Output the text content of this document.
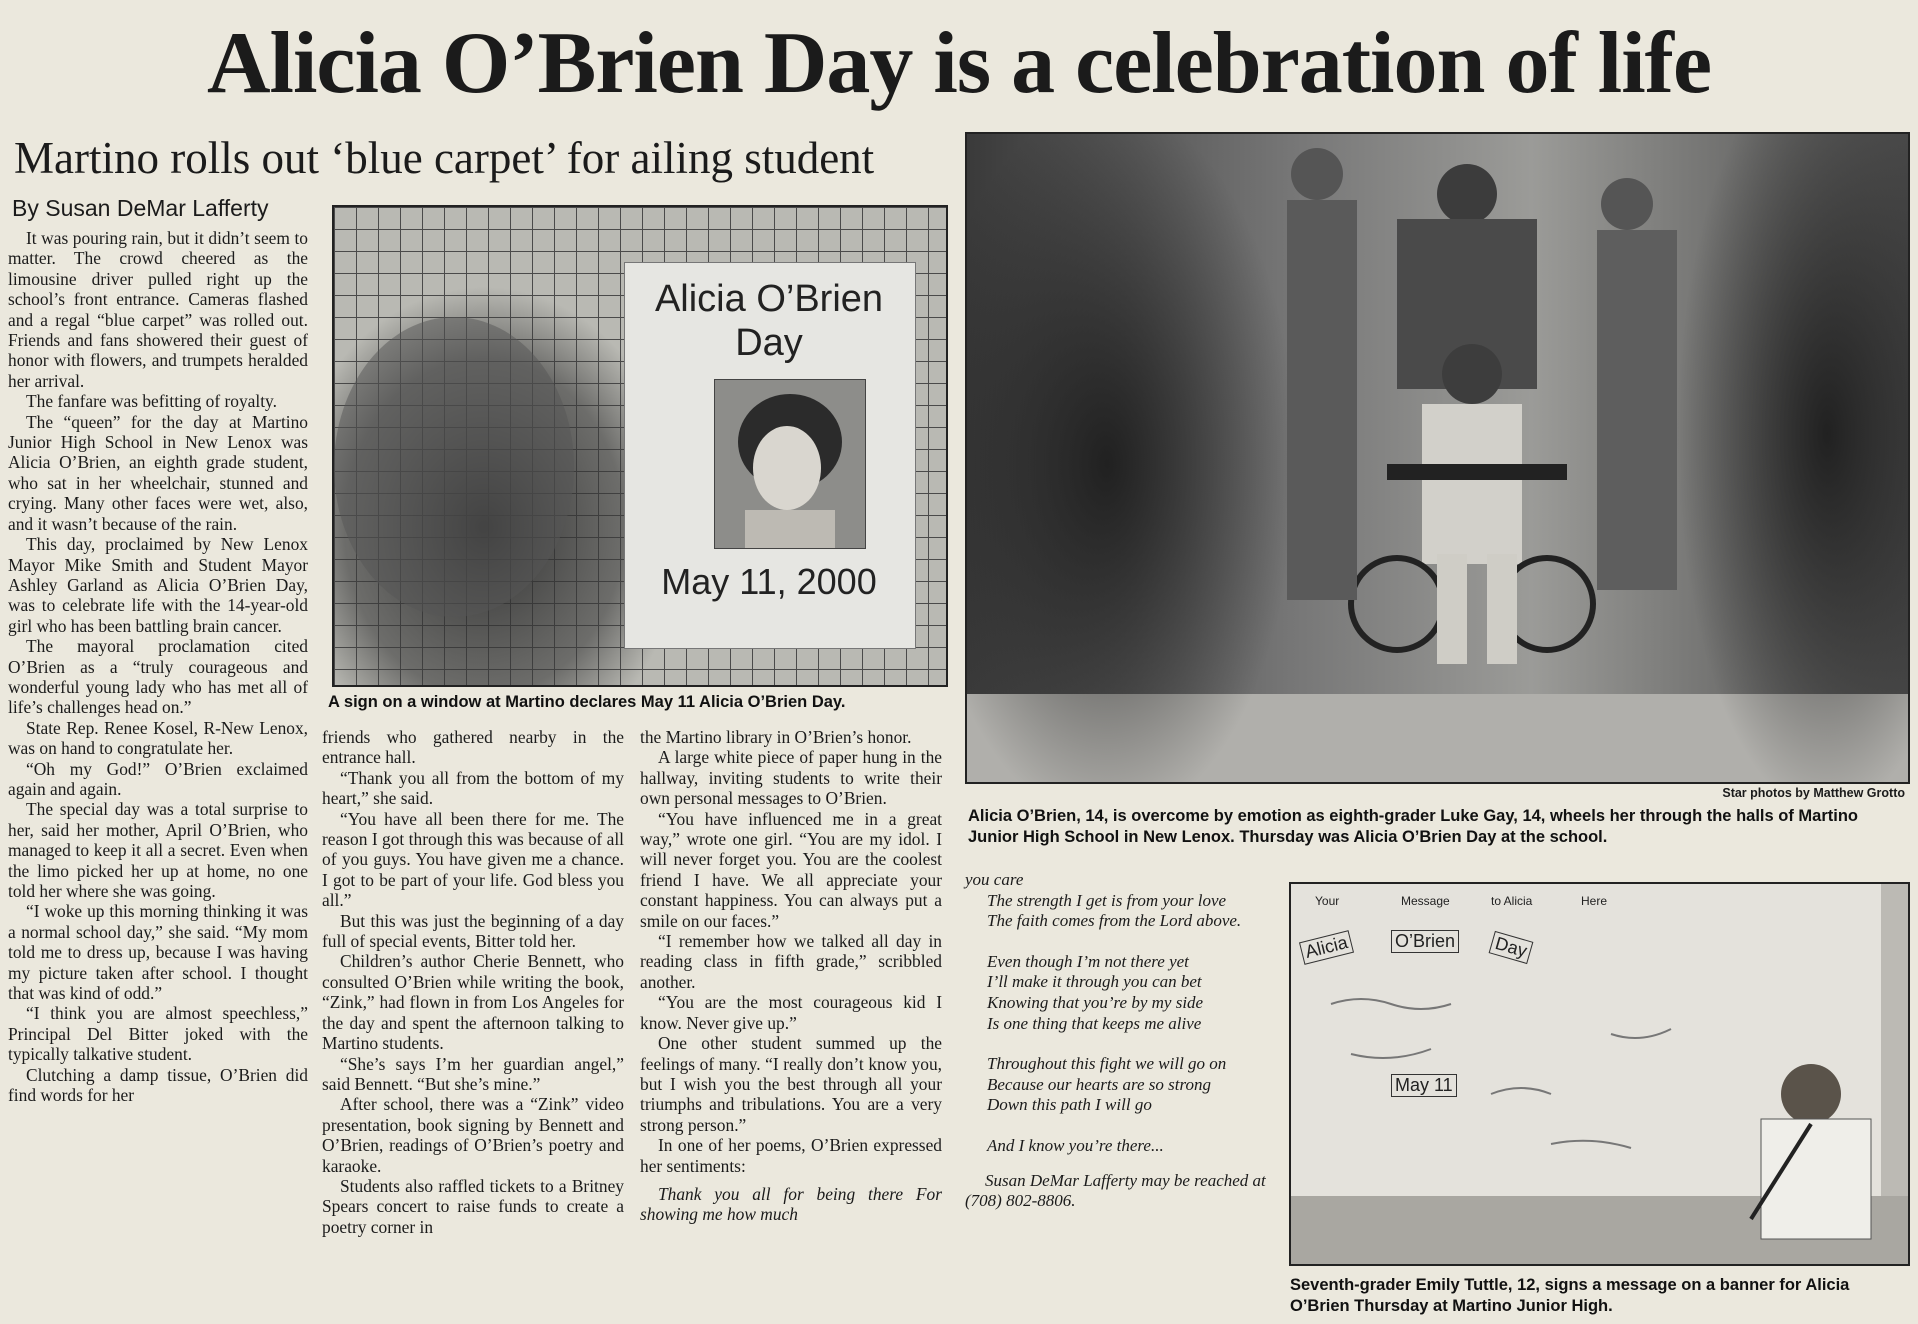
Alicia O’Brien Day is a celebration of life
Martino rolls out ‘blue carpet’ for ailing student
By Susan DeMar Lafferty

It was pouring rain, but it didn’t seem to matter. The crowd cheered as the limousine driver pulled right up the school’s front entrance. Cameras flashed and a regal “blue carpet” was rolled out. Friends and fans showered their guest of honor with flowers, and trumpets heralded her arrival.

The fanfare was befitting of royalty.

The “queen” for the day at Martino Junior High School in New Lenox was Alicia O’Brien, an eighth grade student, who sat in her wheelchair, stunned and crying. Many other faces were wet, also, and it wasn’t because of the rain.

This day, proclaimed by New Lenox Mayor Mike Smith and Student Mayor Ashley Garland as Alicia O’Brien Day, was to celebrate life with the 14-year-old girl who has been battling brain cancer.

The mayoral proclamation cited O’Brien as a “truly courageous and wonderful young lady who has met all of life’s challenges head on.”

State Rep. Renee Kosel, R-New Lenox, was on hand to congratulate her.

“Oh my God!” O’Brien exclaimed again and again.

The special day was a total surprise to her, said her mother, April O’Brien, who managed to keep it all a secret. Even when the limo picked her up at home, no one told her where she was going.

“I woke up this morning thinking it was a normal school day,” she said. “My mom told me to dress up, because I was having my picture taken after school. I thought that was kind of odd.”

“I think you are almost speechless,” Principal Del Bitter joked with the typically talkative student.

Clutching a damp tissue, O’Brien did find words for her

Alicia O’Brien
Day
May 11, 2000
A sign on a window at Martino declares May 11 Alicia O’Brien Day.

friends who gathered nearby in the entrance hall.

“Thank you all from the bottom of my heart,” she said.

“You have all been there for me. The reason I got through this was because of all of you guys. You have given me a chance. I got to be part of your life. God bless you all.”

But this was just the beginning of a day full of special events, Bitter told her.

Children’s author Cherie Bennett, who consulted O’Brien while writing the book, “Zink,” had flown in from Los Angeles for the day and spent the afternoon talking to Martino students.

“She’s says I’m her guardian angel,” said Bennett. “But she’s mine.”

After school, there was a “Zink” video presentation, book signing by Bennett and O’Brien, readings of O’Brien’s poetry and karaoke.

Students also raffled tickets to a Britney Spears concert to raise funds to create a poetry corner in

the Martino library in O’Brien’s honor.

A large white piece of paper hung in the hallway, inviting students to write their own personal messages to O’Brien.

“You have influenced me in a great way,” wrote one girl. “You are my idol. I will never forget you. You are the coolest friend I have. We all appreciate your constant happiness. You can always put a smile on our faces.”

“I remember how we talked all day in reading class in fifth grade,” scribbled another.

“You are the most courageous kid I know. Never give up.”

One other student summed up the feelings of many. “I really don’t know you, but I wish you the best through all your triumphs and tribulations. You are a very strong person.”

In one of her poems, O’Brien expressed her sentiments:

Thank you all for being there For showing me how much

Star photos by Matthew Grotto
Alicia O’Brien, 14, is overcome by emotion as eighth-grader Luke Gay, 14, wheels her through the halls of Martino Junior High School in New Lenox. Thursday was Alicia O’Brien Day at the school.
you care
The strength I get is from your love
The faith comes from the Lord above.
Even though I’m not there yet
I’ll make it through you can bet
Knowing that you’re by my side
Is one thing that keeps me alive
Throughout this fight we will go on
Because our hearts are so strong
Down this path I will go
And I know you’re there...
Susan DeMar Lafferty may be reached at (708) 802-8806.
Your	Message	to Alicia	Here
Alicia	O’Brien Day
May 11
Seventh-grader Emily Tuttle, 12, signs a message on a banner for Alicia O’Brien Thursday at Martino Junior High.
